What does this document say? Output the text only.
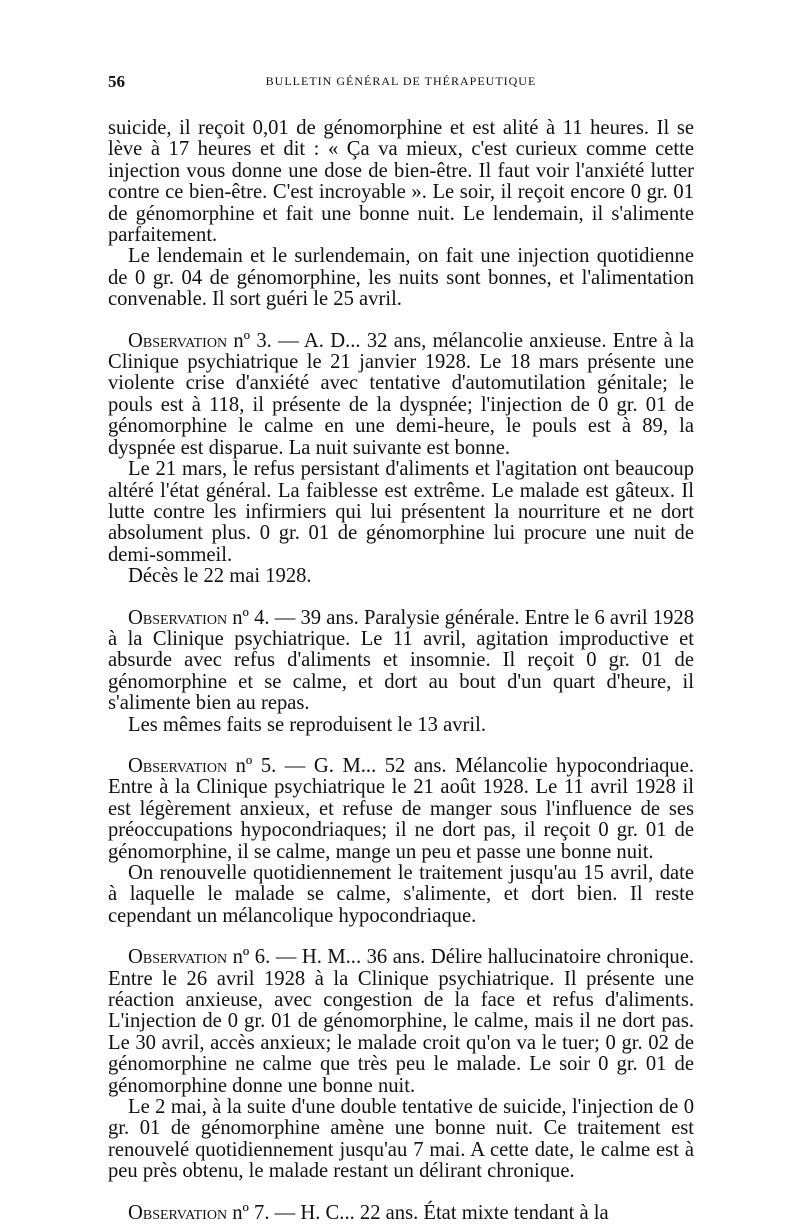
56	BULLETIN GÉNÉRAL DE THÉRAPEUTIQUE

suicide, il reçoit 0,01 de génomorphine et est alité à 11 heures. Il se lève à 17 heures et dit : « Ça va mieux, c'est curieux comme cette injection vous donne une dose de bien-être. Il faut voir l'anxiété lutter contre ce bien-être. C'est incroyable ». Le soir, il reçoit encore 0 gr. 01 de génomorphine et fait une bonne nuit. Le lendemain, il s'alimente parfaitement.

Le lendemain et le surlendemain, on fait une injection quotidienne de 0 gr. 04 de génomorphine, les nuits sont bonnes, et l'alimentation convenable. Il sort guéri le 25 avril.

Observation nº 3. — A. D... 32 ans, mélancolie anxieuse. Entre à la Clinique psychiatrique le 21 janvier 1928. Le 18 mars présente une violente crise d'anxiété avec tentative d'automutilation génitale; le pouls est à 118, il présente de la dyspnée; l'injection de 0 gr. 01 de génomorphine le calme en une demi-heure, le pouls est à 89, la dyspnée est disparue. La nuit suivante est bonne.

Le 21 mars, le refus persistant d'aliments et l'agitation ont beaucoup altéré l'état général. La faiblesse est extrême. Le malade est gâteux. Il lutte contre les infirmiers qui lui présentent la nourriture et ne dort absolument plus. 0 gr. 01 de génomorphine lui procure une nuit de demi-sommeil.

Décès le 22 mai 1928.

Observation nº 4. — 39 ans. Paralysie générale. Entre le 6 avril 1928 à la Clinique psychiatrique. Le 11 avril, agitation improductive et absurde avec refus d'aliments et insomnie. Il reçoit 0 gr. 01 de génomorphine et se calme, et dort au bout d'un quart d'heure, il s'alimente bien au repas.

Les mêmes faits se reproduisent le 13 avril.

Observation nº 5. — G. M... 52 ans. Mélancolie hypocondriaque. Entre à la Clinique psychiatrique le 21 août 1928. Le 11 avril 1928 il est légèrement anxieux, et refuse de manger sous l'influence de ses préoccupations hypocondriaques; il ne dort pas, il reçoit 0 gr. 01 de génomorphine, il se calme, mange un peu et passe une bonne nuit.

On renouvelle quotidiennement le traitement jusqu'au 15 avril, date à laquelle le malade se calme, s'alimente, et dort bien. Il reste cependant un mélancolique hypocondriaque.

Observation nº 6. — H. M... 36 ans. Délire hallucinatoire chronique. Entre le 26 avril 1928 à la Clinique psychiatrique. Il présente une réaction anxieuse, avec congestion de la face et refus d'aliments. L'injection de 0 gr. 01 de génomorphine, le calme, mais il ne dort pas. Le 30 avril, accès anxieux; le malade croit qu'on va le tuer; 0 gr. 02 de génomorphine ne calme que très peu le malade. Le soir 0 gr. 01 de génomorphine donne une bonne nuit.

Le 2 mai, à la suite d'une double tentative de suicide, l'injection de 0 gr. 01 de génomorphine amène une bonne nuit. Ce traitement est renouvelé quotidiennement jusqu'au 7 mai. A cette date, le calme est à peu près obtenu, le malade restant un délirant chronique.

Observation nº 7. — H. C... 22 ans. État mixte tendant à la
